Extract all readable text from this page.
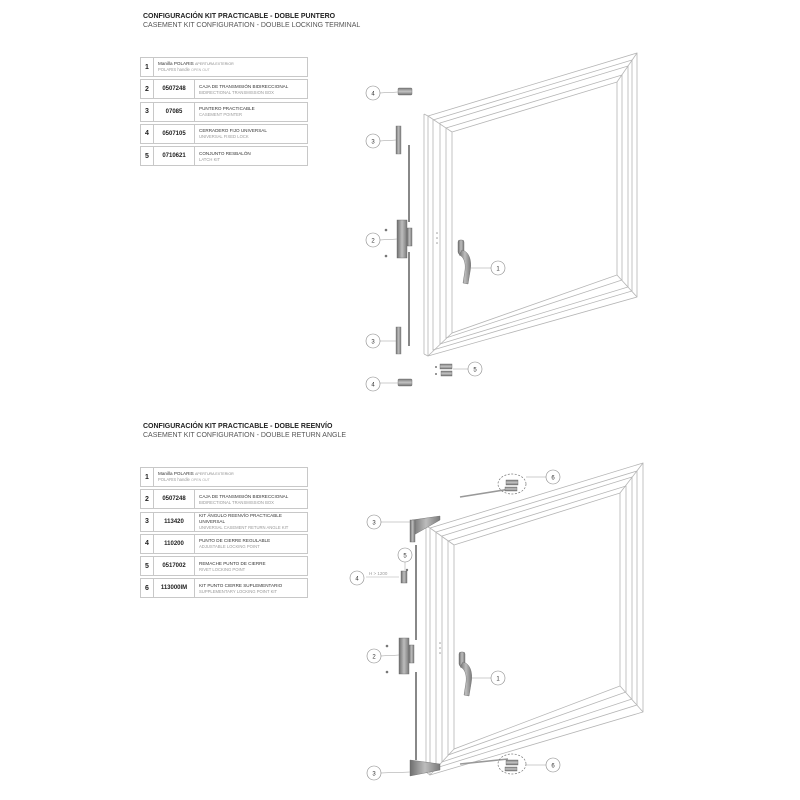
CONFIGURACIÓN KIT PRACTICABLE - DOBLE PUNTERO
CASEMENT KIT CONFIGURATION - DOUBLE LOCKING TERMINAL
1	Manilla POLARIS APERTURA EXTERIOR
POLARIS handle OPEN OUT
2	0507248	CAJA DE TRANSMISIÓN BIDIRECCIONAL
BIDIRECTIONAL TRANSMISSION BOX
3	07085	PUNTERO PRACTICABLE
CASEMENT POINTER
4	0507105	CERRADERO FIJO UNIVERSAL
UNIVERSAL FIXED LOCK
5	0710621	CONJUNTO RESBALÓN
LATCH KIT
CONFIGURACIÓN KIT PRACTICABLE - DOBLE REENVÍO
CASEMENT KIT CONFIGURATION - DOUBLE RETURN ANGLE
1	Manilla POLARIS APERTURA EXTERIOR
POLARIS handle OPEN OUT
2	0507248	CAJA DE TRANSMISIÓN BIDIRECCIONAL
BIDIRECTIONAL TRANSMISSION BOX
3	113420
KIT ÁNGULO REENVÍO PRACTICABLE UNIVERSAL
UNIVERSAL CASEMENT RETURN ANGLE KIT
4	110200	PUNTO DE CIERRE REGULABLE
ADJUSTABLE LOCKING POINT
5	0517002	REMACHE PUNTO DE CIERRE
RIVET LOCKING POINT
6	113000IM	KIT PUNTO CIERRE SUPLEMENTARIO
SUPPLEMENTARY LOCKING POINT KIT
4
3
2
1
3
4
5
H > 1200
6
3
5
4
2
1
3
6
